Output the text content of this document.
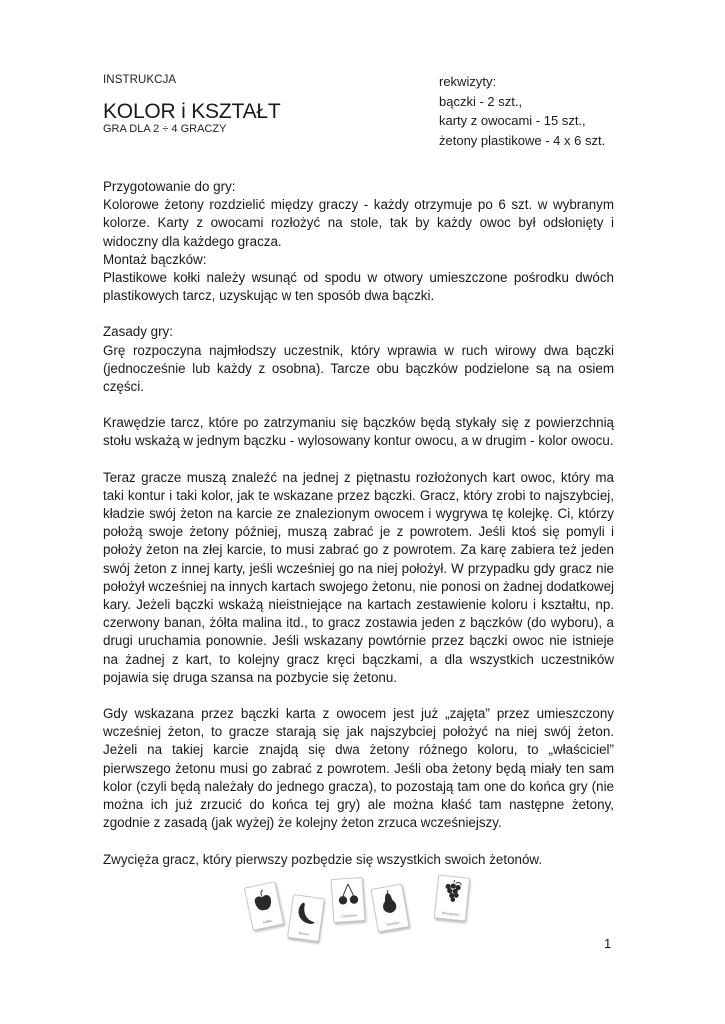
INSTRUKCJA
KOLOR i KSZTAŁT
GRA DLA 2 ÷ 4 GRACZY
rekwizyty:
bączki - 2 szt.,
karty z owocami - 15 szt.,
żetony plastikowe - 4 x 6 szt.

Przygotowanie do gry:

Kolorowe żetony rozdzielić między graczy - każdy otrzymuje po 6 szt. w wybranym kolorze. Karty z owocami rozłożyć na stole, tak by każdy owoc był odsłonięty i widoczny dla każdego gracza.

Montaż bączków:

Plastikowe kołki należy wsunąć od spodu w otwory umieszczone pośrodku dwóch plastikowych tarcz, uzyskując w ten sposób dwa bączki.

Zasady gry:

Grę rozpoczyna najmłodszy uczestnik, który wprawia w ruch wirowy dwa bączki (jednocześnie lub każdy z osobna). Tarcze obu bączków podzielone są na osiem części.

Krawędzie tarcz, które po zatrzymaniu się bączków będą stykały się z powierzchnią stołu wskażą w jednym bączku - wylosowany kontur owocu, a w drugim - kolor owocu.

Teraz gracze muszą znaleźć na jednej z piętnastu rozłożonych kart owoc, który ma taki kontur i taki kolor, jak te wskazane przez bączki. Gracz, który zrobi to najszybciej, kładzie swój żeton na karcie ze znalezionym owocem i wygrywa tę kolejkę. Ci, którzy położą swoje żetony później, muszą zabrać je z powrotem. Jeśli ktoś się pomyli i położy żeton na złej karcie, to musi zabrać go z powrotem. Za karę zabiera też jeden swój żeton z innej karty, jeśli wcześniej go na niej położył. W przypadku gdy gracz nie położył wcześniej na innych kartach swojego żetonu, nie ponosi on żadnej dodatkowej kary. Jeżeli bączki wskażą nieistniejące na kartach zestawienie koloru i kształtu, np. czerwony banan, żółta malina itd., to gracz zostawia jeden z bączków (do wyboru), a drugi uruchamia ponownie. Jeśli wskazany powtórnie przez bączki owoc nie istnieje na żadnej z kart, to kolejny gracz kręci bączkami, a dla wszystkich uczestników pojawia się druga szansa na pozbycie się żetonu.

Gdy wskazana przez bączki karta z owocem jest już „zajęta” przez umieszczony wcześniej żeton, to gracze starają się jak najszybciej położyć na niej swój żeton. Jeżeli na takiej karcie znajdą się dwa żetony różnego koloru, to „właściciel” pierwszego żetonu musi go zabrać z powrotem. Jeśli oba żetony będą miały ten sam kolor (czyli będą należały do jednego gracza), to pozostają tam one do końca gry (nie można ich już zrzucić do końca tej gry) ale można kłaść tam następne żetony, zgodnie z zasadą (jak wyżej) że kolejny żeton zrzuca wcześniejszy.

Zwycięża gracz, który pierwszy pozbędzie się wszystkich swoich żetonów.

Jabłko
Banan
Czereśnie
Gruszka
Winogrona
1
